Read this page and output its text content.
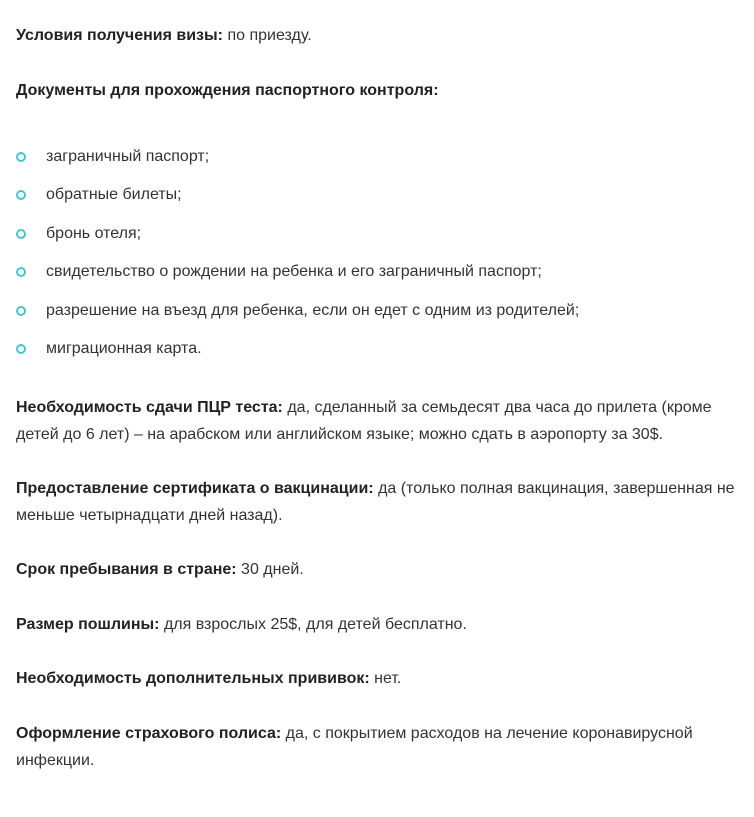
Условия получения визы: по приезду.

Документы для прохождения паспортного контроля:

заграничный паспорт;
обратные билеты;
бронь отеля;
свидетельство о рождении на ребенка и его заграничный паспорт;
разрешение на въезд для ребенка, если он едет с одним из родителей;
миграционная карта.

Необходимость сдачи ПЦР теста: да, сделанный за семьдесят два часа до прилета (кроме детей до 6 лет) – на арабском или английском языке; можно сдать в аэропорту за 30$.

Предоставление сертификата о вакцинации: да (только полная вакцинация, завершенная не меньше четырнадцати дней назад).

Срок пребывания в стране: 30 дней.

Размер пошлины: для взрослых 25$, для детей бесплатно.

Необходимость дополнительных прививок: нет.

Оформление страхового полиса: да, с покрытием расходов на лечение коронавирусной инфекции.
